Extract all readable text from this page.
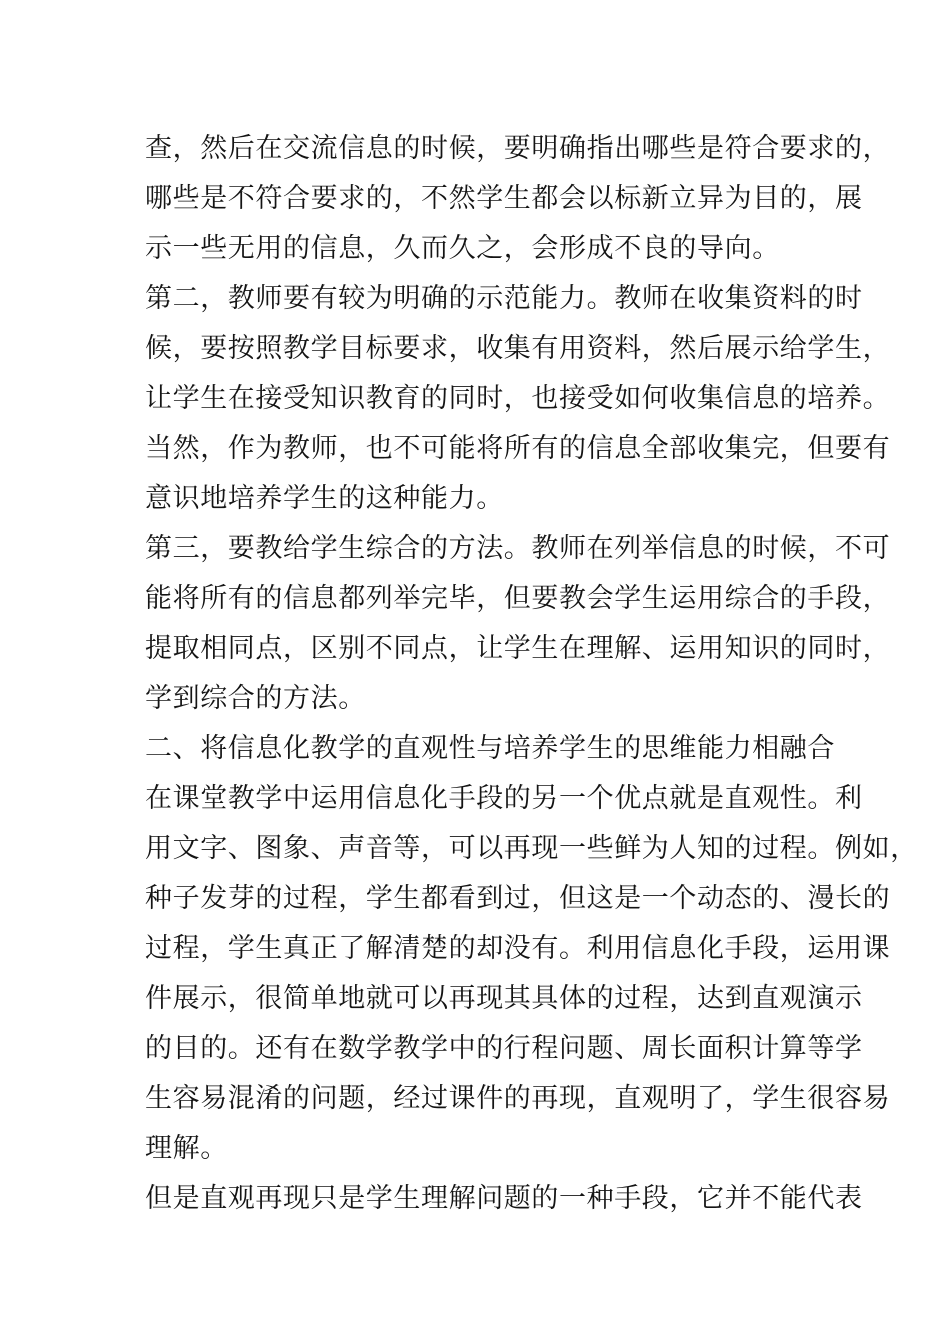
查，然后在交流信息的时候，要明确指出哪些是符合要求的，
哪些是不符合要求的，不然学生都会以标新立异为目的，展
示一些无用的信息，久而久之，会形成不良的导向。
第二，教师要有较为明确的示范能力。教师在收集资料的时
候，要按照教学目标要求，收集有用资料，然后展示给学生，
让学生在接受知识教育的同时，也接受如何收集信息的培养。
当然，作为教师，也不可能将所有的信息全部收集完，但要有
意识地培养学生的这种能力。
第三，要教给学生综合的方法。教师在列举信息的时候，不可
能将所有的信息都列举完毕，但要教会学生运用综合的手段，
提取相同点，区别不同点，让学生在理解、运用知识的同时，
学到综合的方法。
二、将信息化教学的直观性与培养学生的思维能力相融合
在课堂教学中运用信息化手段的另一个优点就是直观性。利
用文字、图象、声音等，可以再现一些鲜为人知的过程。例如，
种子发芽的过程，学生都看到过，但这是一个动态的、漫长的
过程，学生真正了解清楚的却没有。利用信息化手段，运用课
件展示，很简单地就可以再现其具体的过程，达到直观演示
的目的。还有在数学教学中的行程问题、周长面积计算等学
生容易混淆的问题，经过课件的再现，直观明了，学生很容易
理解。
但是直观再现只是学生理解问题的一种手段，它并不能代表
